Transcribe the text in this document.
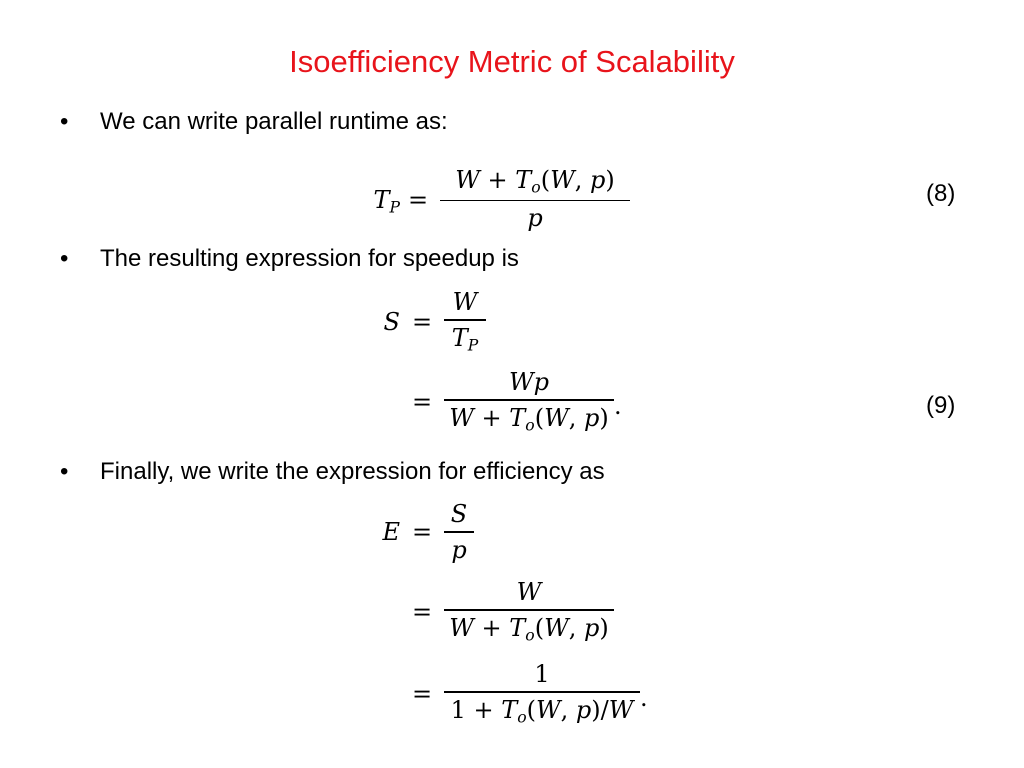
Isoefficiency Metric of Scalability
• We can write parallel runtime as:
$T_P$ =
$W + T_o(W$, p)
p
(8)
• The resulting expression for speedup is
S =
W
$T_P$
=
Wp
$W + T_o(W$, p) .	(9)
• Finally, we write the expression for efficiency as
E =
S
p
=
W
$W + T_o(W$, p)
=
1
$1 + T_o(W$, p)/W .
